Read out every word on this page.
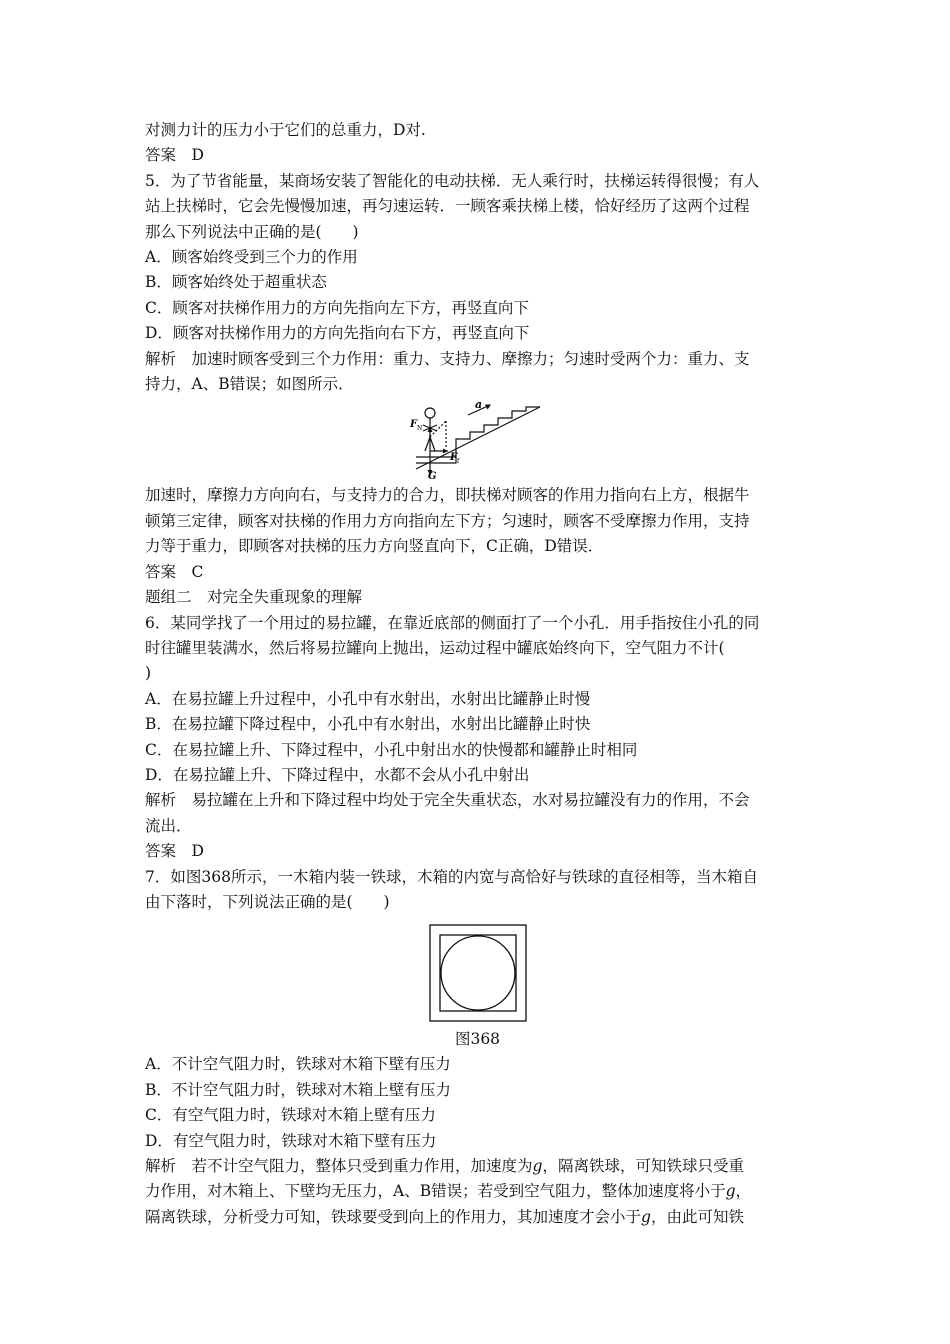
对测力计的压力小于它们的总重力，D对.
答案　D
5．为了节省能量，某商场安装了智能化的电动扶梯．无人乘行时，扶梯运转得很慢；有人
站上扶梯时，它会先慢慢加速，再匀速运转．一顾客乘扶梯上楼，恰好经历了这两个过程
那么下列说法中正确的是(　　)
A．顾客始终受到三个力的作用
B．顾客始终处于超重状态
C．顾客对扶梯作用力的方向先指向左下方，再竖直向下
D．顾客对扶梯作用力的方向先指向右下方，再竖直向下
解析　加速时顾客受到三个力作用：重力、支持力、摩擦力；匀速时受两个力：重力、支
持力，A、B错误；如图所示．
a
F N
F f
G
加速时，摩擦力方向向右，与支持力的合力，即扶梯对顾客的作用力指向右上方，根据牛
顿第三定律，顾客对扶梯的作用力方向指向左下方；匀速时，顾客不受摩擦力作用，支持
力等于重力，即顾客对扶梯的压力方向竖直向下，C正确，D错误．
答案　C
题组二　对完全失重现象的理解
6．某同学找了一个用过的易拉罐，在靠近底部的侧面打了一个小孔．用手指按住小孔的同
时往罐里装满水，然后将易拉罐向上抛出，运动过程中罐底始终向下，空气阻力不计(
)
A．在易拉罐上升过程中，小孔中有水射出，水射出比罐静止时慢
B．在易拉罐下降过程中，小孔中有水射出，水射出比罐静止时快
C．在易拉罐上升、下降过程中，小孔中射出水的快慢都和罐静止时相同
D．在易拉罐上升、下降过程中，水都不会从小孔中射出
解析　易拉罐在上升和下降过程中均处于完全失重状态，水对易拉罐没有力的作用，不会
流出．
答案　D
7．如图368所示，一木箱内装一铁球，木箱的内宽与高恰好与铁球的直径相等，当木箱自
由下落时，下列说法正确的是(　　)
图368
A．不计空气阻力时，铁球对木箱下壁有压力
B．不计空气阻力时，铁球对木箱上壁有压力
C．有空气阻力时，铁球对木箱上壁有压力
D．有空气阻力时，铁球对木箱下壁有压力
解析　若不计空气阻力，整体只受到重力作用，加速度为g，隔离铁球，可知铁球只受重
力作用，对木箱上、下壁均无压力，A、B错误；若受到空气阻力，整体加速度将小于g，
隔离铁球，分析受力可知，铁球要受到向上的作用力，其加速度才会小于g，由此可知铁
